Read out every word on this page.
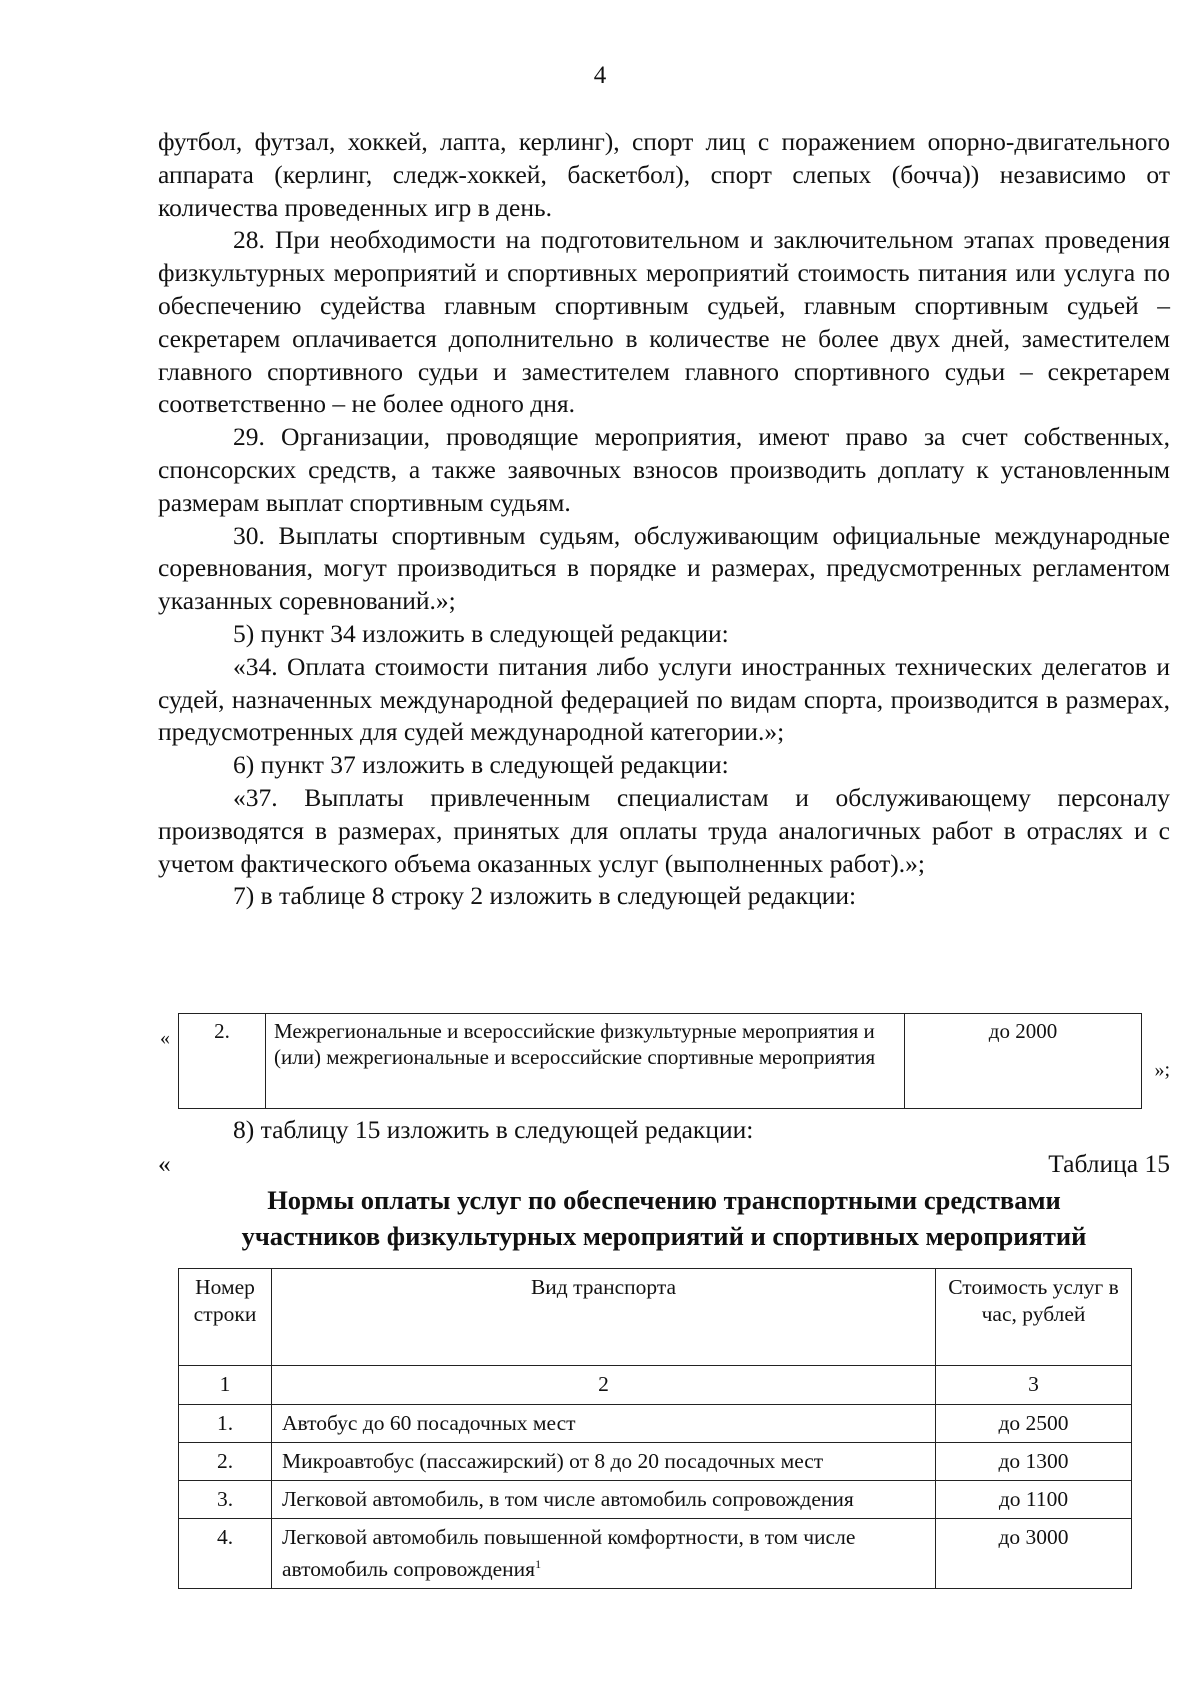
4

футбол, футзал, хоккей, лапта, керлинг), спорт лиц с поражением опорно-двигательного аппарата (керлинг, следж-хоккей, баскетбол), спорт слепых (бочча)) независимо от количества проведенных игр в день.

28. При необходимости на подготовительном и заключительном этапах проведения физкультурных мероприятий и спортивных мероприятий стоимость питания или услуга по обеспечению судейства главным спортивным судьей, главным спортивным судьей – секретарем оплачивается дополнительно в количестве не более двух дней, заместителем главного спортивного судьи и заместителем главного спортивного судьи – секретарем соответственно – не более одного дня.

29. Организации, проводящие мероприятия, имеют право за счет собственных, спонсорских средств, а также заявочных взносов производить доплату к установленным размерам выплат спортивным судьям.

30. Выплаты спортивным судьям, обслуживающим официальные международные соревнования, могут производиться в порядке и размерах, предусмотренных регламентом указанных соревнований.»;

5) пункт 34 изложить в следующей редакции:

«34. Оплата стоимости питания либо услуги иностранных технических делегатов и судей, назначенных международной федерацией по видам спорта, производится в размерах, предусмотренных для судей международной категории.»;

6) пункт 37 изложить в следующей редакции:

«37. Выплаты привлеченным специалистам и обслуживающему персоналу производятся в размерах, принятых для оплаты труда аналогичных работ в отраслях и с учетом фактического объема оказанных услуг (выполненных работ).»;

7) в таблице 8 строку 2 изложить в следующей редакции:

« 2.	Межрегиональные и всероссийские физкультурные мероприятия и (или) межрегиональные и всероссийские спортивные мероприятия	до 2000
»;
8) таблицу 15 изложить в следующей редакции:
«	Таблица 15
Нормы оплаты услуг по обеспечению транспортными средствами
участников физкультурных мероприятий и спортивных мероприятий
Номер строки	Вид транспорта	Стоимость услуг в час, рублей
1	2	3
1.	Автобус до 60 посадочных мест	до 2500
2.	Микроавтобус (пассажирский) от 8 до 20 посадочных мест	до 1300
3.	Легковой автомобиль, в том числе автомобиль сопровождения	до 1100
4.	Легковой автомобиль повышенной комфортности, в том числе автомобиль сопровождения$^1$	до 3000
